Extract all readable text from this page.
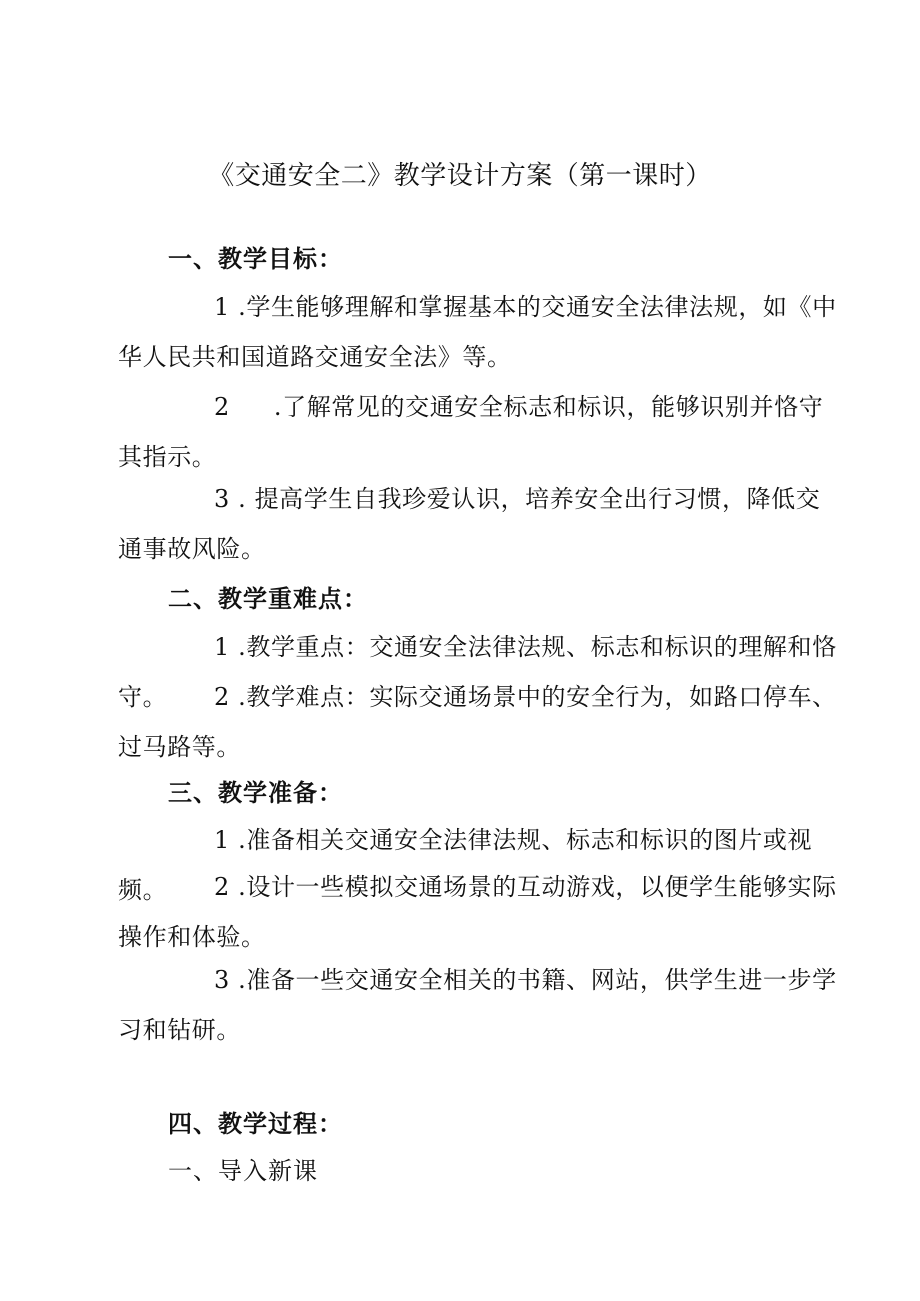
《交通安全二》教学设计方案（第一课时）
一、教学目标：
1 .学生能够理解和掌握基本的交通安全法律法规，如《中华人民共和国道路交通安全法》等。
2 .了解常见的交通安全标志和标识，能够识别并恪守其指示。
3 . 提高学生自我珍爱认识，培养安全出行习惯，降低交通事故风险。
二、教学重难点：
1 .教学重点：交通安全法律法规、标志和标识的理解和恪守。	2 .教学难点：实际交通场景中的安全行为，如路口停车、过马路等。
三、教学准备：
1 .准备相关交通安全法律法规、标志和标识的图片或视频。	2 .设计一些模拟交通场景的互动游戏，以便学生能够实际操作和体验。
3 .准备一些交通安全相关的书籍、网站，供学生进一步学习和钻研。
四、教学过程：
一、导入新课
